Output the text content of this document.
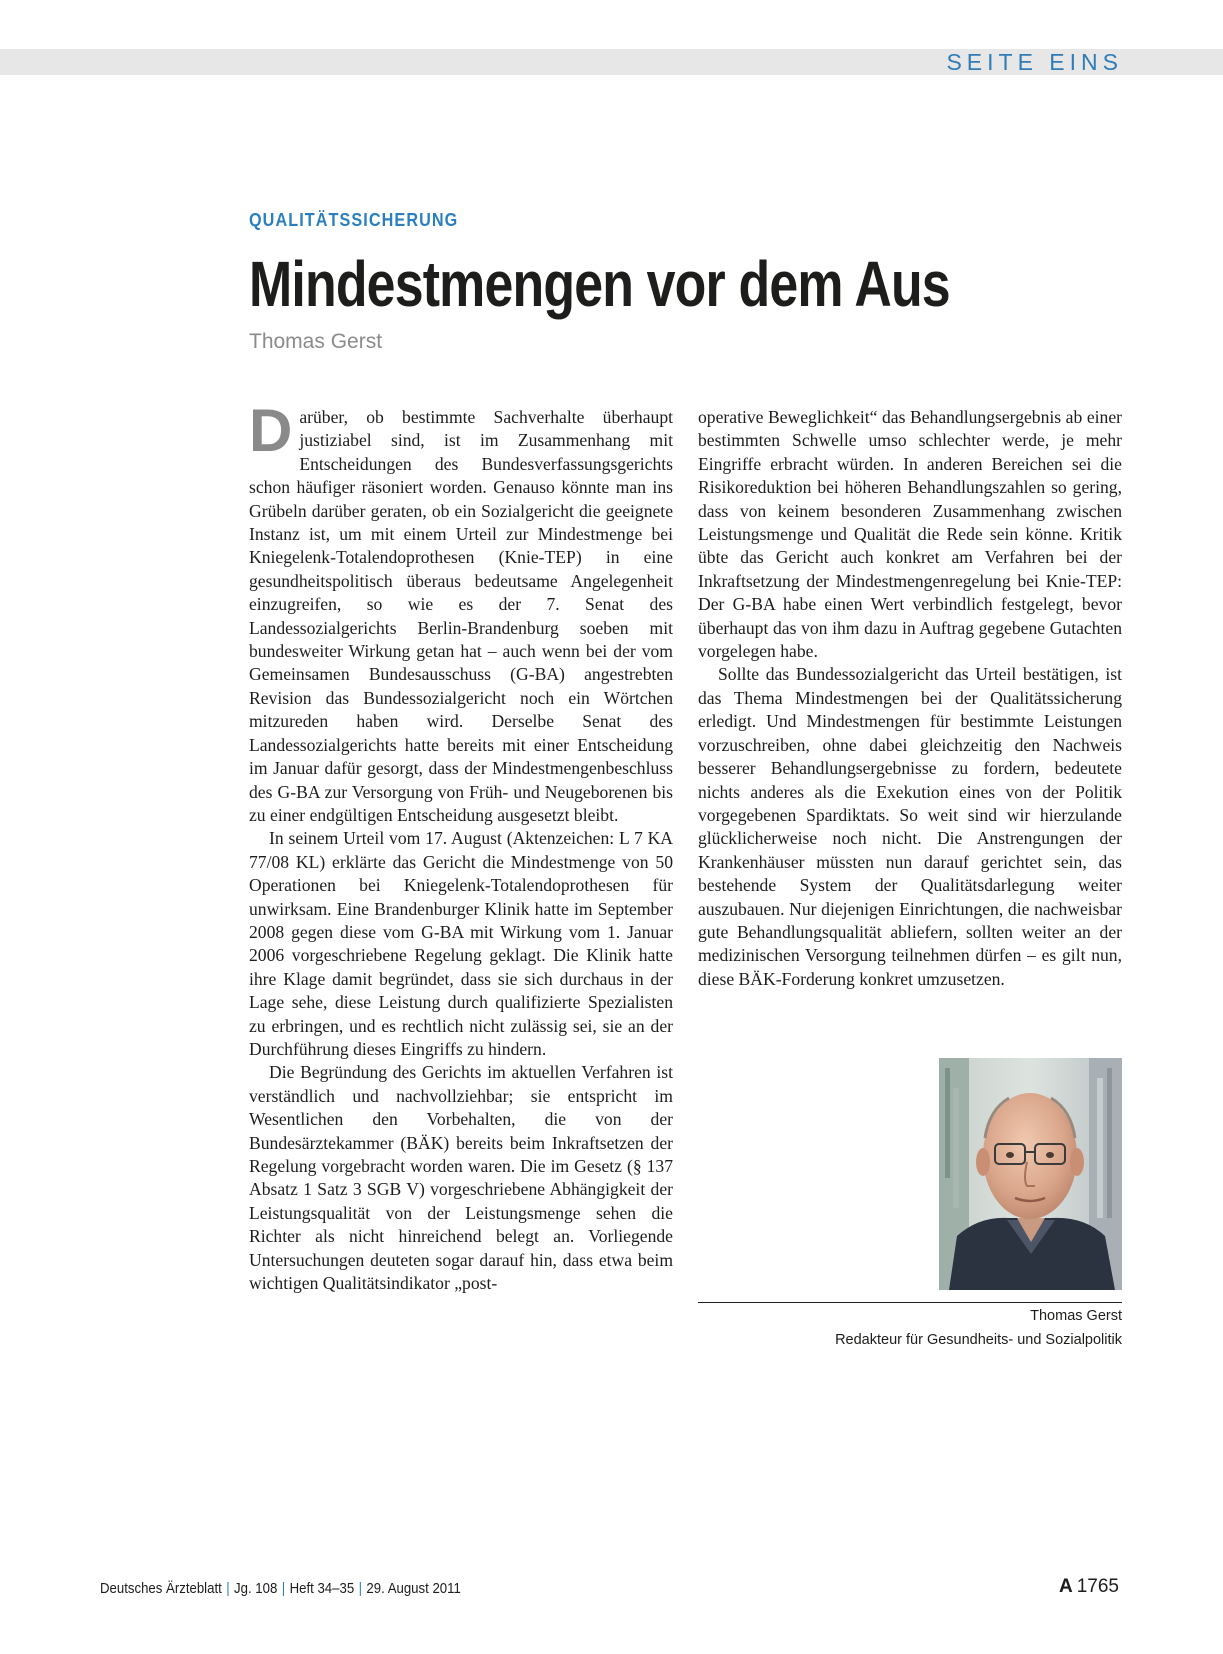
SEITE EINS
QUALITÄTSSICHERUNG
Mindestmengen vor dem Aus
Thomas Gerst

Darüber, ob bestimmte Sachverhalte überhaupt justiziabel sind, ist im Zusammenhang mit Entscheidungen des Bundesverfassungsgerichts schon häufiger räsoniert worden. Genauso könnte man ins Grübeln darüber geraten, ob ein Sozialgericht die geeignete Instanz ist, um mit einem Urteil zur Mindestmenge bei Kniegelenk-Totalendoprothesen (Knie-TEP) in eine gesundheitspolitisch überaus bedeutsame Angelegenheit einzugreifen, so wie es der 7. Senat des Landessozialgerichts Berlin-Brandenburg soeben mit bundesweiter Wirkung getan hat – auch wenn bei der vom Gemeinsamen Bundesausschuss (G-BA) angestrebten Revision das Bundessozialgericht noch ein Wörtchen mitzureden haben wird. Derselbe Senat des Landessozialgerichts hatte bereits mit einer Entscheidung im Januar dafür gesorgt, dass der Mindestmengenbeschluss des G-BA zur Versorgung von Früh- und Neugeborenen bis zu einer endgültigen Entscheidung ausgesetzt bleibt.

In seinem Urteil vom 17. August (Aktenzeichen: L 7 KA 77/08 KL) erklärte das Gericht die Mindestmenge von 50 Operationen bei Kniegelenk-Totalendoprothesen für unwirksam. Eine Brandenburger Klinik hatte im September 2008 gegen diese vom G-BA mit Wirkung vom 1. Januar 2006 vorgeschriebene Regelung geklagt. Die Klinik hatte ihre Klage damit begründet, dass sie sich durchaus in der Lage sehe, diese Leistung durch qualifizierte Spezialisten zu erbringen, und es rechtlich nicht zulässig sei, sie an der Durchführung dieses Eingriffs zu hindern.

Die Begründung des Gerichts im aktuellen Verfahren ist verständlich und nachvollziehbar; sie entspricht im Wesentlichen den Vorbehalten, die von der Bundesärztekammer (BÄK) bereits beim Inkraftsetzen der Regelung vorgebracht worden waren. Die im Gesetz (§ 137 Absatz 1 Satz 3 SGB V) vorgeschriebene Abhängigkeit der Leistungsqualität von der Leistungsmenge sehen die Richter als nicht hinreichend belegt an. Vorliegende Untersuchungen deuteten sogar darauf hin, dass etwa beim wichtigen Qualitätsindikator „post-

operative Beweglichkeit“ das Behandlungsergebnis ab einer bestimmten Schwelle umso schlechter werde, je mehr Eingriffe erbracht würden. In anderen Bereichen sei die Risikoreduktion bei höheren Behandlungszahlen so gering, dass von keinem besonderen Zusammenhang zwischen Leistungsmenge und Qualität die Rede sein könne. Kritik übte das Gericht auch konkret am Verfahren bei der Inkraftsetzung der Mindestmengenregelung bei Knie-TEP: Der G-BA habe einen Wert verbindlich festgelegt, bevor überhaupt das von ihm dazu in Auftrag gegebene Gutachten vorgelegen habe.

Sollte das Bundessozialgericht das Urteil bestätigen, ist das Thema Mindestmengen bei der Qualitätssicherung erledigt. Und Mindestmengen für bestimmte Leistungen vorzuschreiben, ohne dabei gleichzeitig den Nachweis besserer Behandlungsergebnisse zu fordern, bedeutete nichts anderes als die Exekution eines von der Politik vorgegebenen Spardiktats. So weit sind wir hierzulande glücklicherweise noch nicht. Die Anstrengungen der Krankenhäuser müssten nun darauf gerichtet sein, das bestehende System der Qualitätsdarlegung weiter auszubauen. Nur diejenigen Einrichtungen, die nachweisbar gute Behandlungsqualität abliefern, sollten weiter an der medizinischen Versorgung teilnehmen dürfen – es gilt nun, diese BÄK-Forderung konkret umzusetzen.

Thomas Gerst
Redakteur für Gesundheits- und Sozialpolitik
Deutsches Ärzteblatt | Jg. 108 | Heft 34–35 | 29. August 2011	A 1765
